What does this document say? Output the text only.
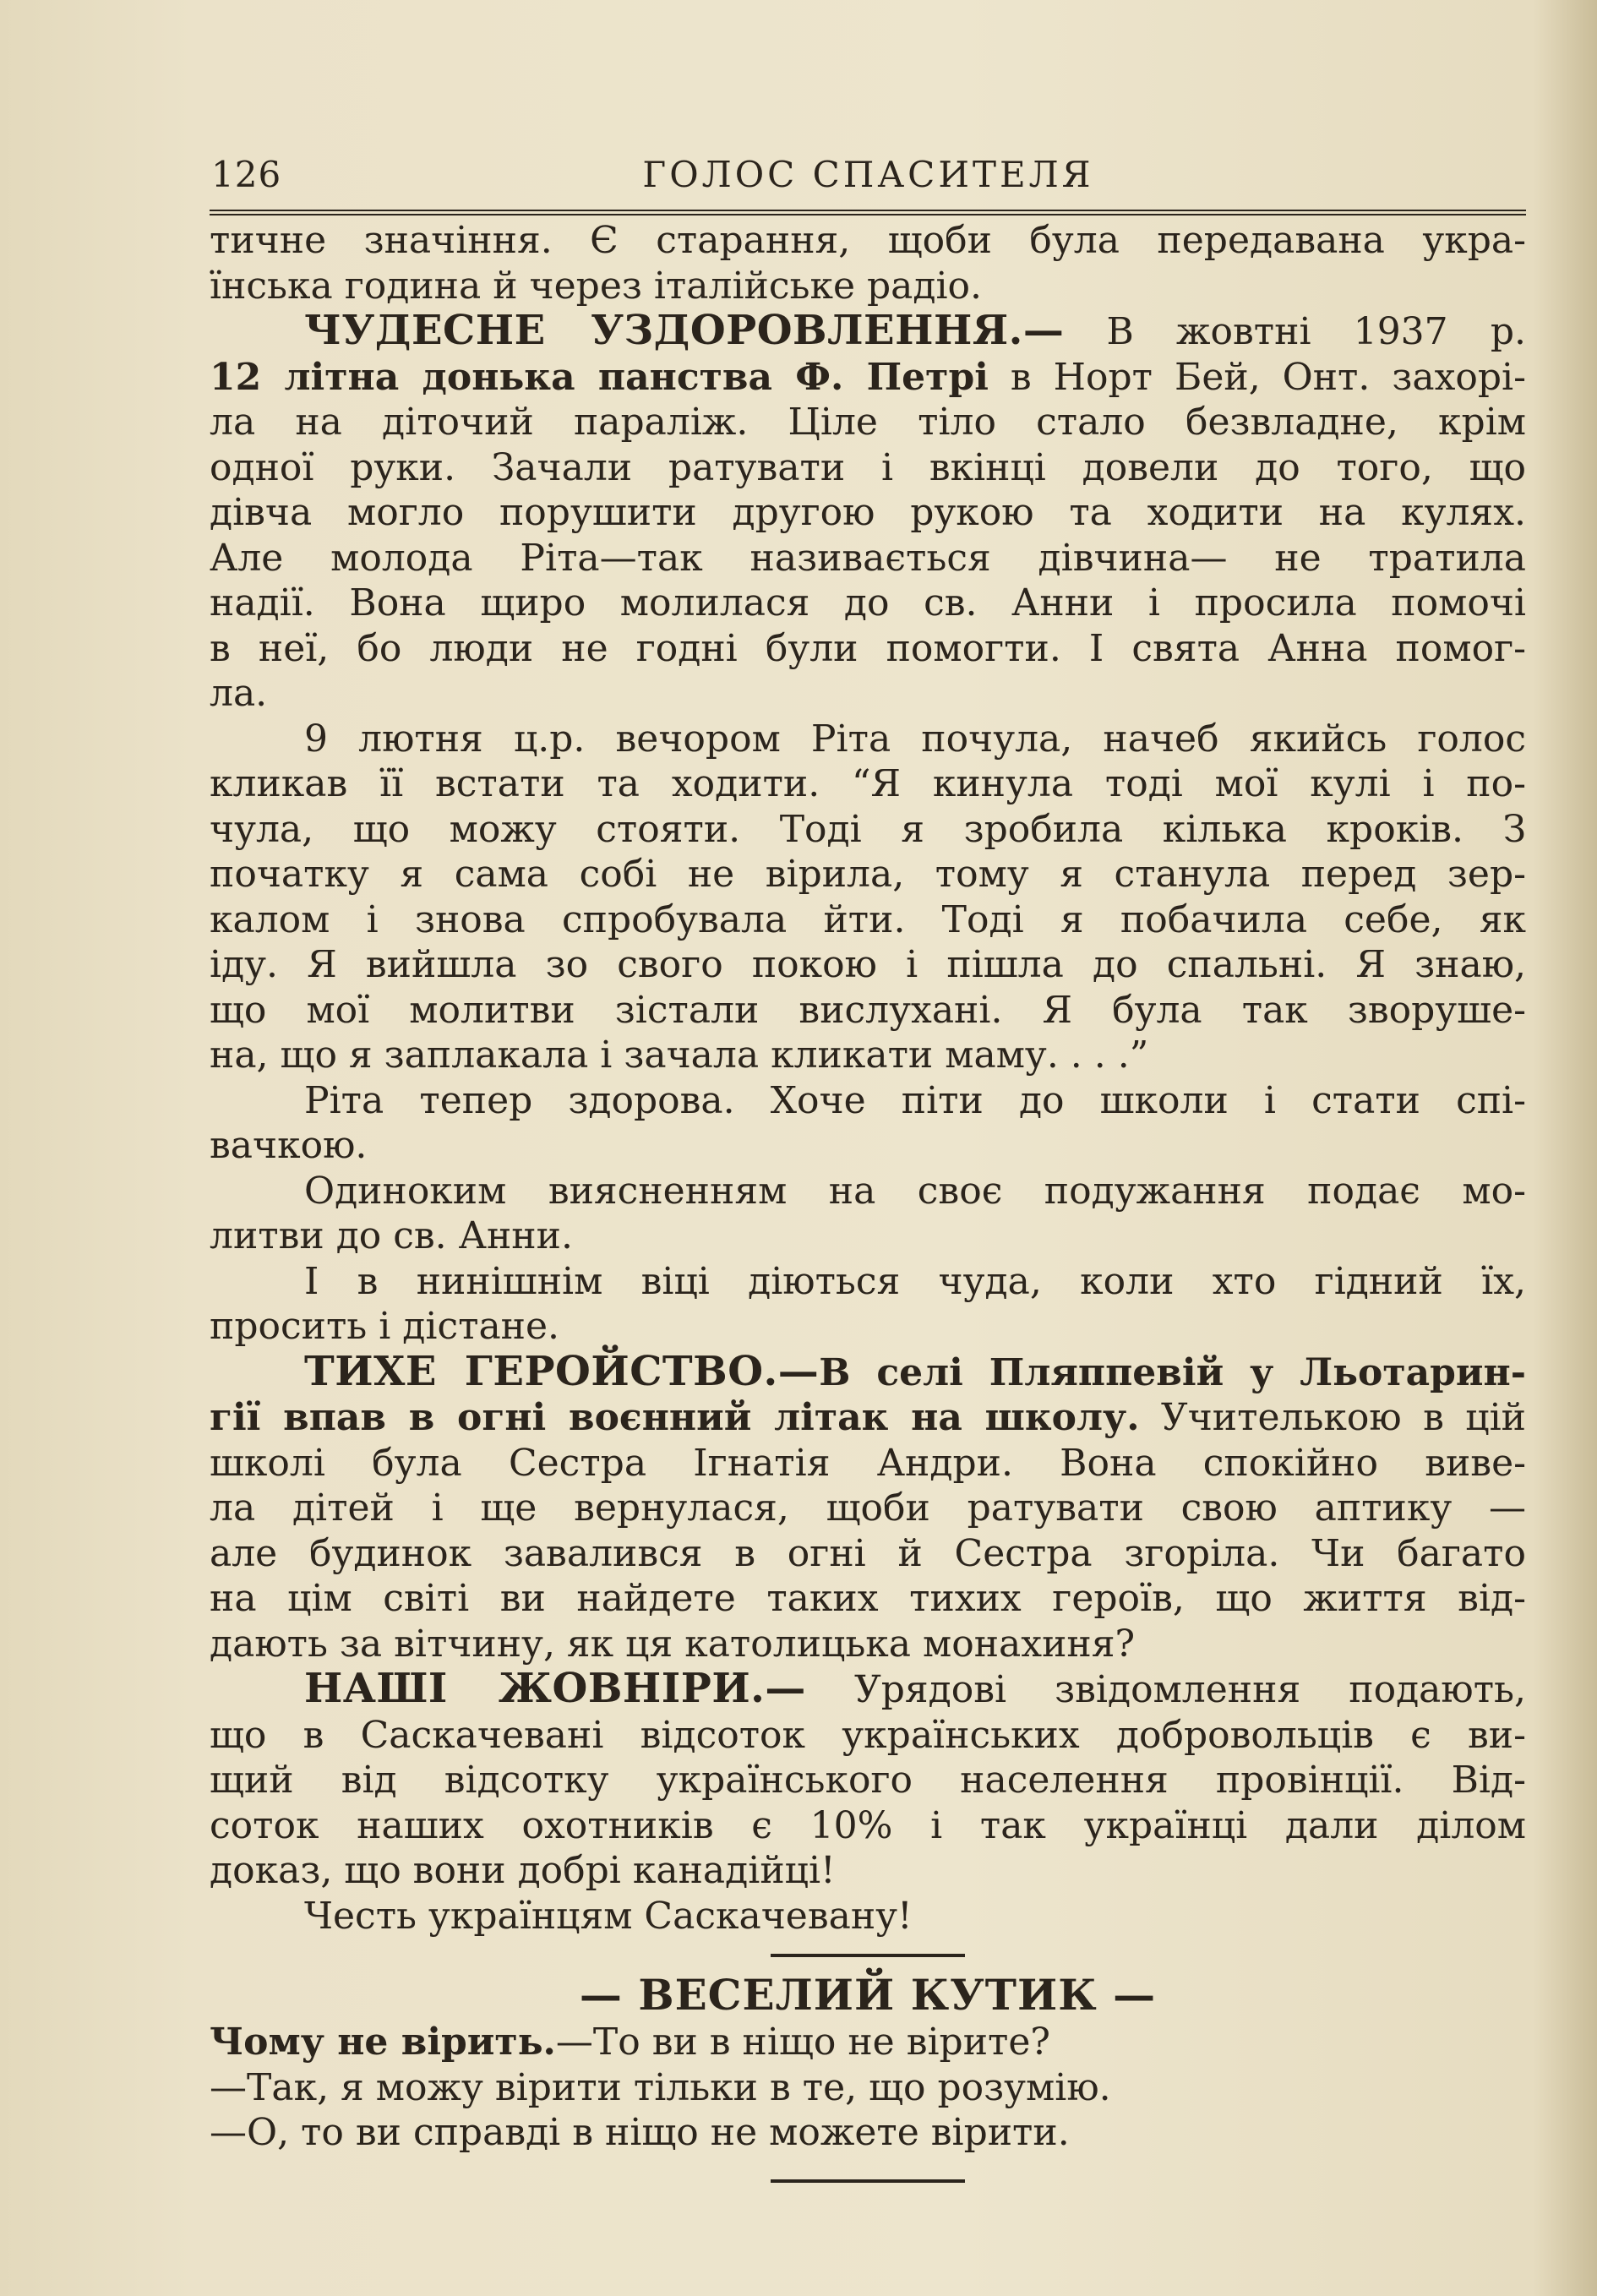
126	ГОЛОС СПАСИТЕЛЯ

тичне значіння. Є старання, щоби була передавана укра-
їнська година й через італійське радіо.

ЧУДЕСНЕ УЗДОРОВЛЕННЯ.— В жовтні 1937 р.
12 літна донька панства Ф. Петрі в Норт Бей, Онт. захорі-
ла на діточий параліж. Ціле тіло стало безвладне, крім
одної руки. Зачали ратувати і вкінці довели до того, що
дівча могло порушити другою рукою та ходити на кулях.
Але молода Ріта—так називається дівчина— не тратила
надії. Вона щиро молилася до св. Анни і просила помочі
в неї, бо люди не годні були помогти. І свята Анна помог-
ла.

9 лютня ц.р. вечором Ріта почула, начеб якийсь голос
кликав її встати та ходити. “Я кинула тоді мої кулі і по-
чула, що можу стояти. Тоді я зробила кілька кроків. З
початку я сама собі не вірила, тому я станула перед зер-
калом і знова спробувала йти. Тоді я побачила себе, як
іду. Я вийшла зо свого покою і пішла до спальні. Я знаю,
що мої молитви зістали вислухані. Я була так зворуше-
на, що я заплакала і зачала кликати маму. . . .”

Ріта тепер здорова. Хоче піти до школи і стати спі-
вачкою.

Одиноким виясненням на своє подужання подає мо-
литви до св. Анни.

І в нинішнім віці діються чуда, коли хто гідний їх,
просить і дістане.

ТИХЕ ГЕРОЙСТВО.—В селі Пляппевій у Льотарин-
гії впав в огні воєнний літак на школу. Учителькою в цій
школі була Сестра Ігнатія Андри. Вона спокійно виве-
ла дітей і ще вернулася, щоби ратувати свою аптику —
але будинок завалився в огні й Сестра згоріла. Чи багато
на цім світі ви найдете таких тихих героїв, що життя від-
дають за вітчину, як ця католицька монахиня?

НАШІ ЖОВНІРИ.— Урядові звідомлення подають,
що в Саскачевані відсоток українських добровольців є ви-
щий від відсотку українського населення провінції. Від-
соток наших охотників є 10% і так українці дали ділом
доказ, що вони добрі канадійці!

Честь українцям Саскачевану!

— ВЕСЕЛИЙ КУТИК —

Чому не вірить.—То ви в ніщо не вірите?
—Так, я можу вірити тільки в те, що розумію.
—О, то ви справді в ніщо не можете вірити.
